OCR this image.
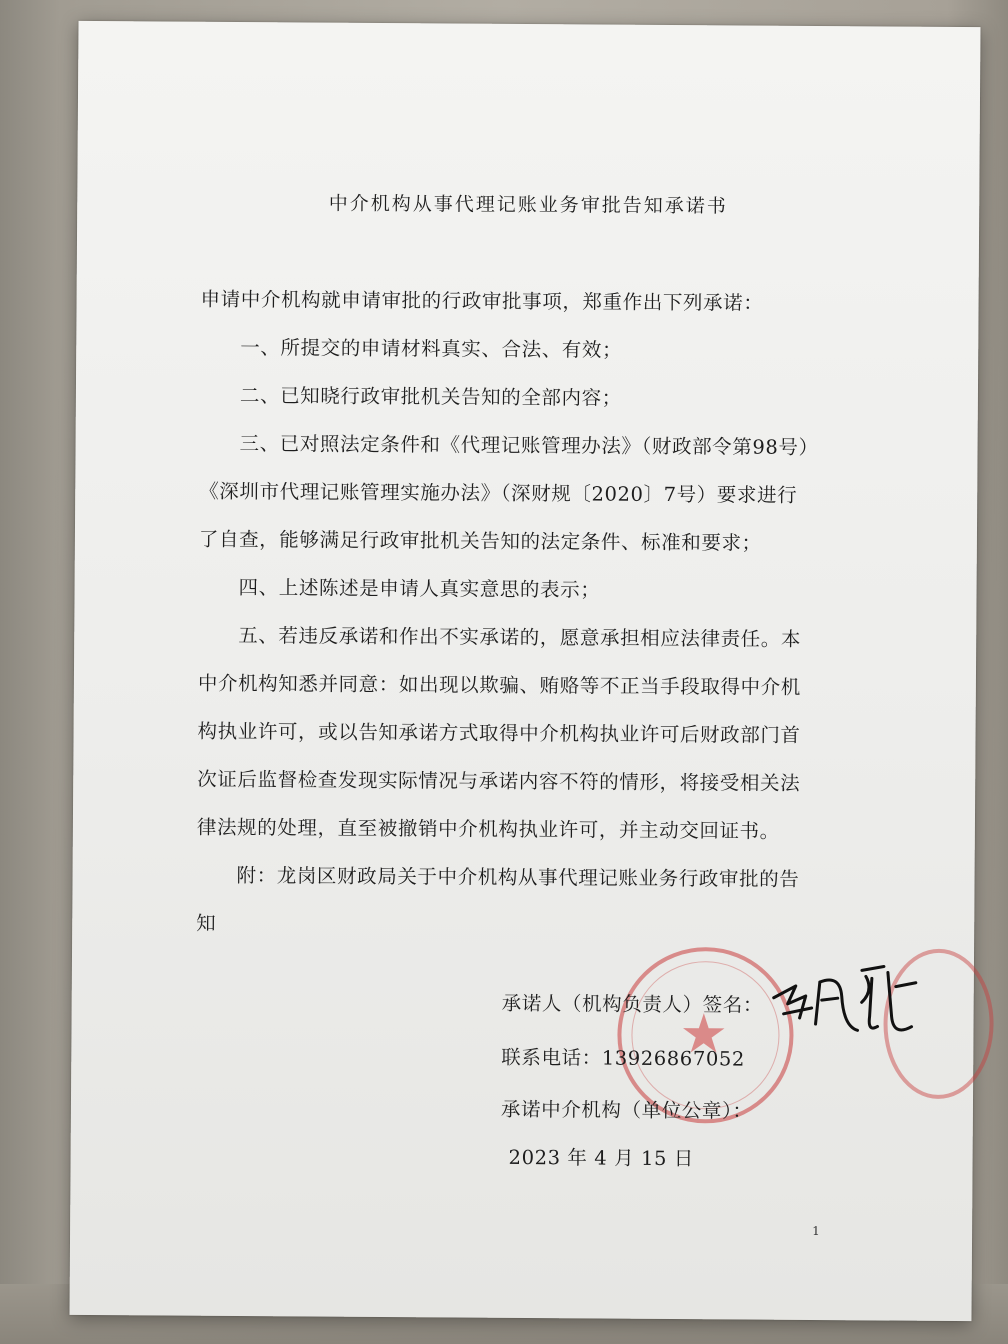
中介机构从事代理记账业务审批告知承诺书
申请中介机构就申请审批的行政审批事项，郑重作出下列承诺：
一、所提交的申请材料真实、合法、有效；
二、已知晓行政审批机关告知的全部内容；
三、已对照法定条件和《代理记账管理办法》（财政部令第98号）
《深圳市代理记账管理实施办法》（深财规〔2020〕7号）要求进行
了自查，能够满足行政审批机关告知的法定条件、标准和要求；
四、上述陈述是申请人真实意思的表示；
五、若违反承诺和作出不实承诺的，愿意承担相应法律责任。本
中介机构知悉并同意：如出现以欺骗、贿赂等不正当手段取得中介机
构执业许可，或以告知承诺方式取得中介机构执业许可后财政部门首
次证后监督检查发现实际情况与承诺内容不符的情形，将接受相关法
律法规的处理，直至被撤销中介机构执业许可，并主动交回证书。
附：龙岗区财政局关于中介机构从事代理记账业务行政审批的告
知
★
承诺人（机构负责人）签名：
联系电话：13926867052
承诺中介机构（单位公章）：
2023 年 4 月 15 日
1
